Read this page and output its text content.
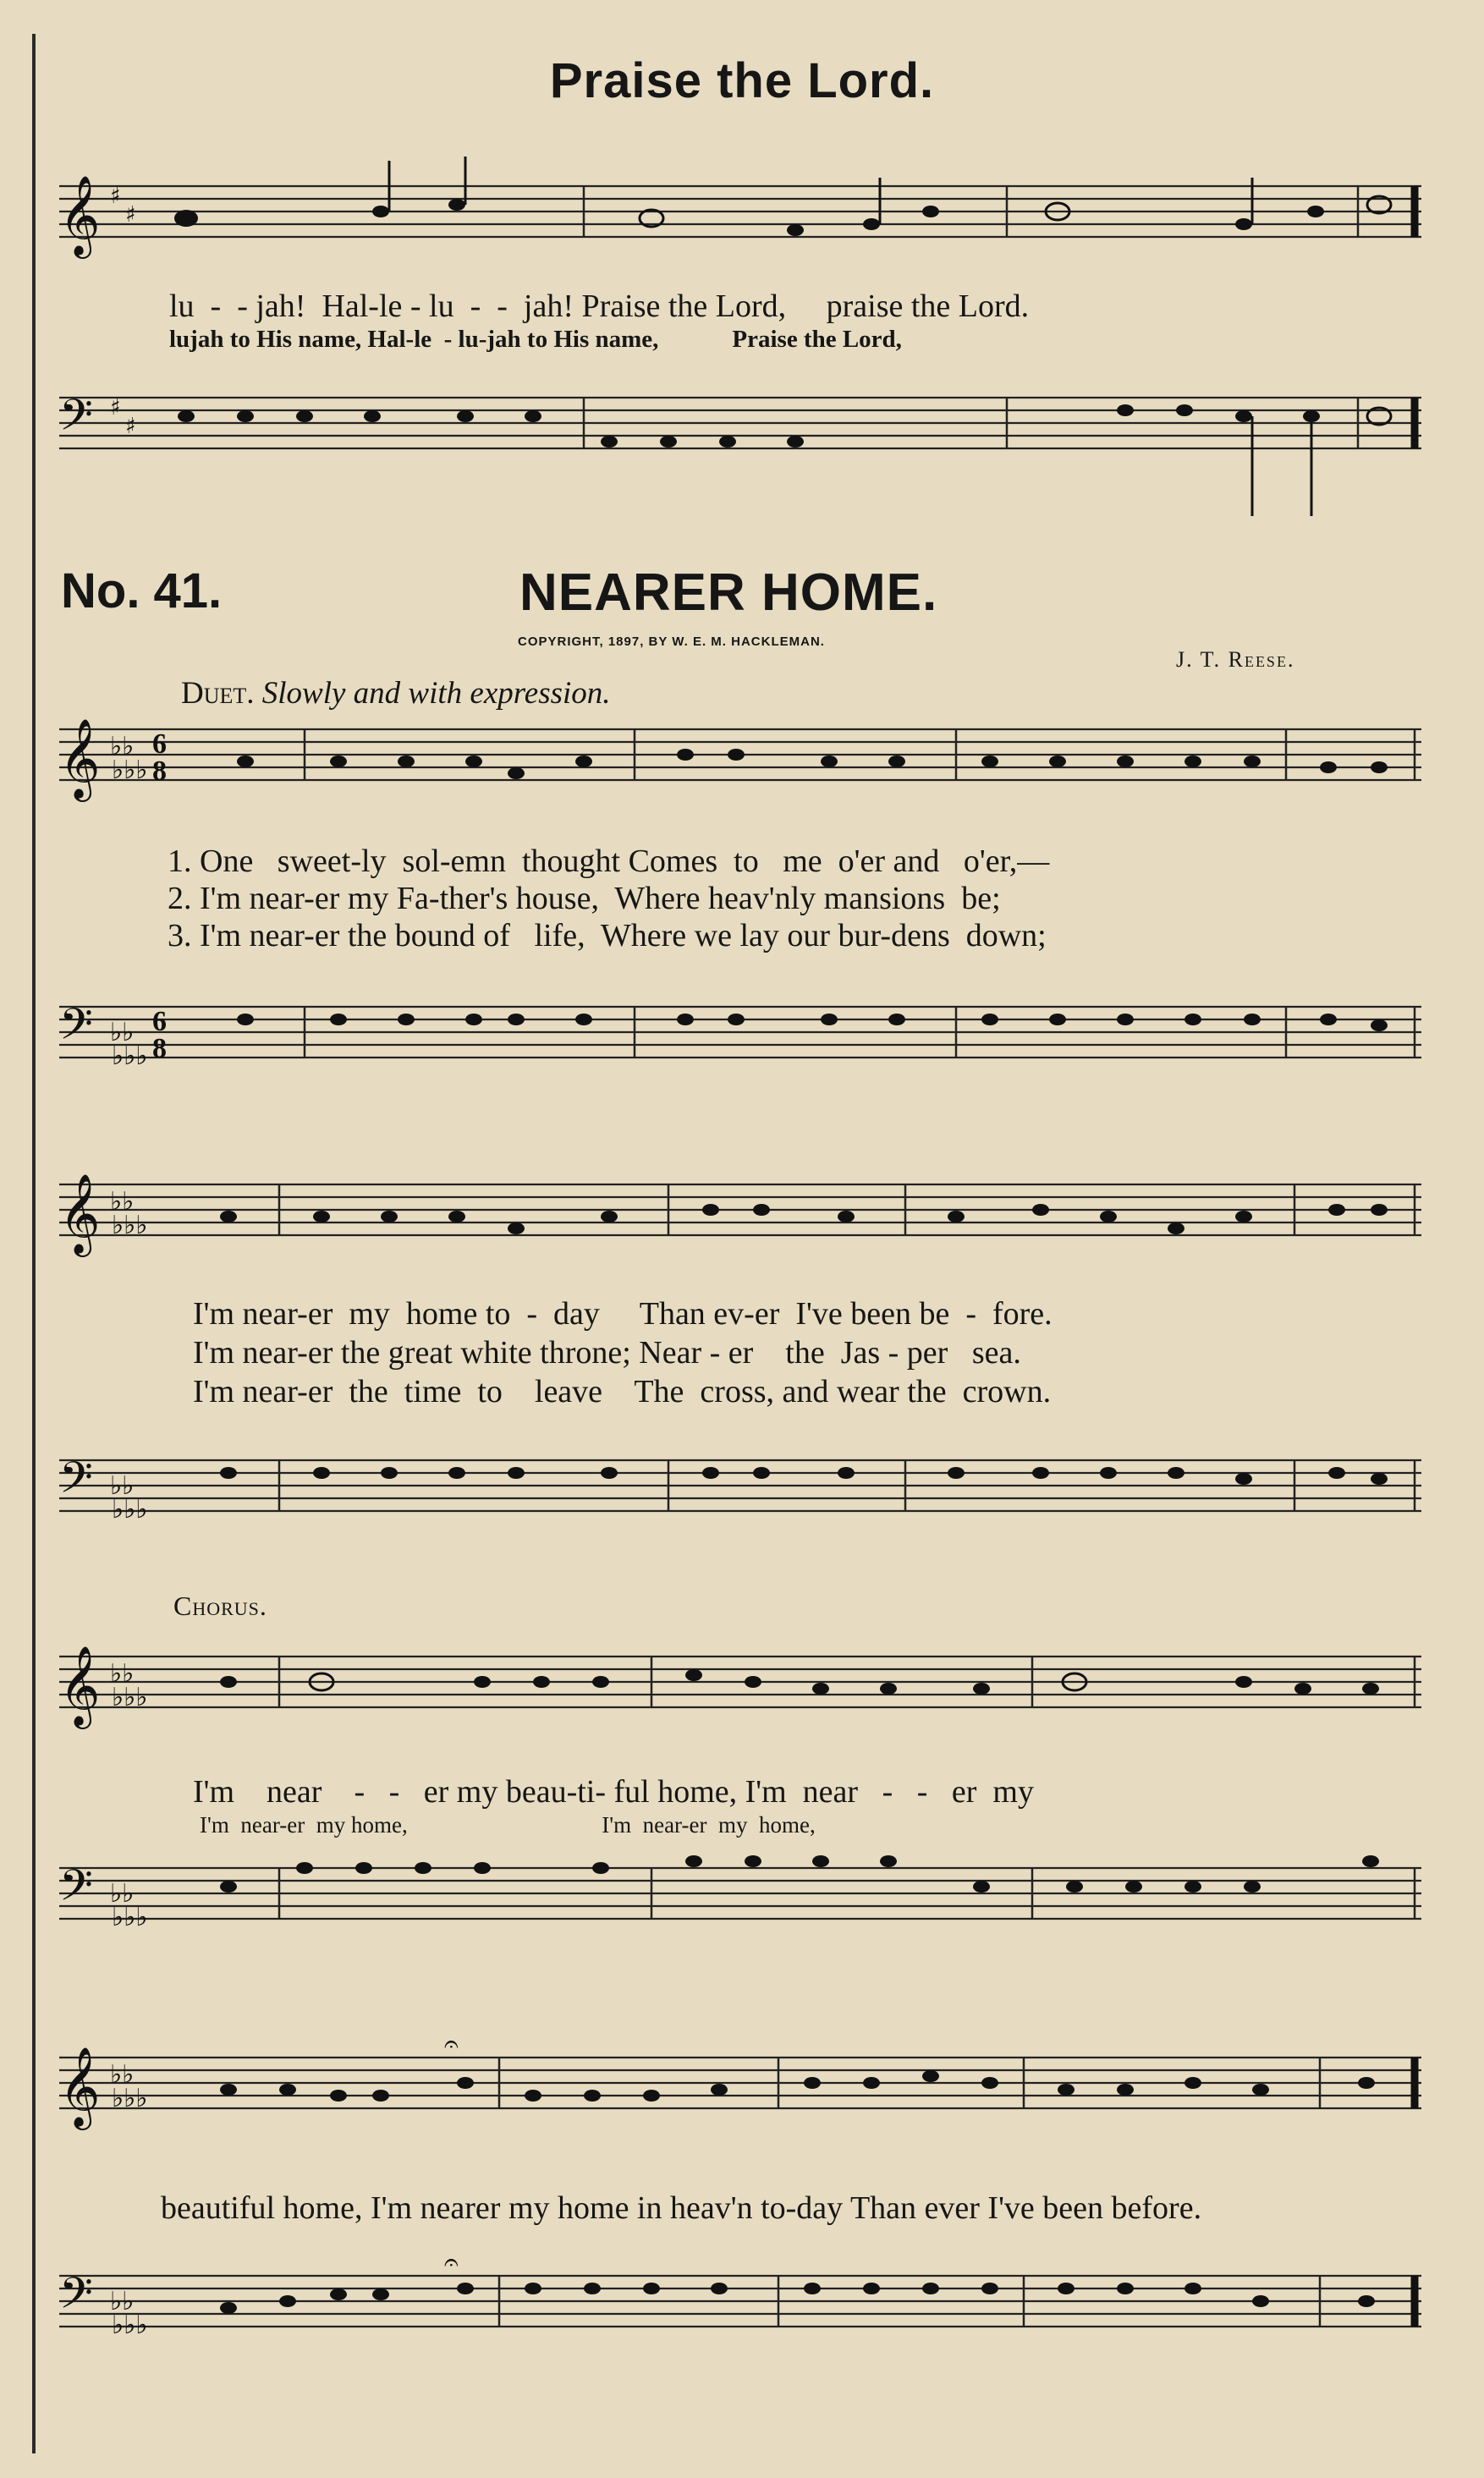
Praise the Lord.
𝄞 ♯
♯
lu  -  - jah!  Hal-le - lu  -  -  jah! Praise the Lord,     praise the Lord.
lujah to His name, Hal-le  - lu-jah to His name,            Praise the Lord,
𝄢 ♯
♯
No. 41.	NEARER HOME.
COPYRIGHT, 1897, BY W. E. M. HACKLEMAN.
J. T. Reese.
Duet. Slowly and with expression.
𝄞 ♭♭
♭♭♭
6
8
1. One   sweet-ly  sol-emn  thought Comes  to   me  o'er and   o'er,—
2. I'm near-er my Fa-ther's house,  Where heav'nly mansions  be;
3. I'm near-er the bound of   life,  Where we lay our bur-dens  down;
𝄢 ♭♭
♭♭♭
6
8
𝄞 ♭♭
♭♭♭
I'm near-er  my  home to  -  day     Than ev-er  I've been be  -  fore.
I'm near-er the great white throne; Near - er    the  Jas - per   sea.
I'm near-er  the  time  to    leave    The  cross, and wear the  crown.
𝄢 ♭♭
♭♭♭
Chorus.
𝄞 ♭♭
♭♭♭
I'm    near    -   -   er my beau-ti- ful home, I'm  near   -   -   er  my
I'm  near-er  my home,                                  I'm  near-er  my  home,
𝄢 ♭♭
♭♭♭
𝄞 ♭♭
♭♭♭
𝄐
beautiful home, I'm nearer my home in heav'n to-day Than ever I've been before.
𝄢 ♭♭
♭♭♭
𝄐
